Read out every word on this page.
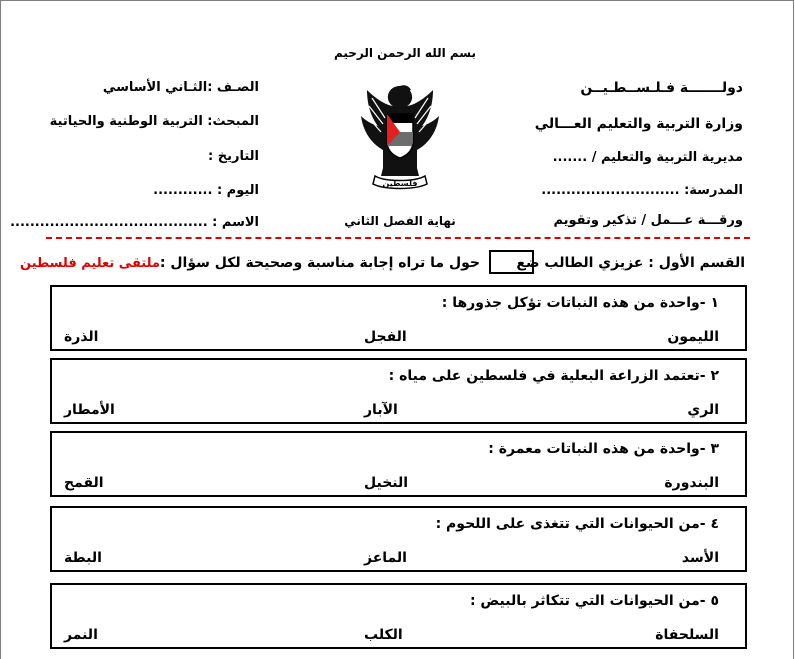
بسم الله الرحمن الرحيم
دولـــــــة فـلـســطـيــن
وزارة التربية والتعليم العـــالي
مديرية التربية والتعليم / .......
المدرسة: ............................
ورقـــة عـــمل / تذكير وتقويم
الصـف :الثـاني الأساسي
المبحث: التربية الوطنية والحياتية
التاريخ :
اليوم : ............
الاسم : ........................................	نهاية الفصل الثاني
فلسطين
القسم الأول : عزيزي الطالب ضع
حول ما تراه إجابة مناسبة وصحيحة لكل سؤال :
ملتقى تعليم فلسطين
١ -واحدة من هذه النباتات تؤكل جذورها :
الليمون
الفجل
الذرة
٢ -تعتمد الزراعة البعلية في فلسطين على مياه :
الري
الآبار
الأمطار
٣ -واحدة من هذه النباتات معمرة :
البندورة
النخيل
القمح
٤ -من الحيوانات التي تتغذى على اللحوم :
الأسد
الماعز
البطة
٥ -من الحيوانات التي تتكاثر بالبيض :
السلحفاة
الكلب
النمر
